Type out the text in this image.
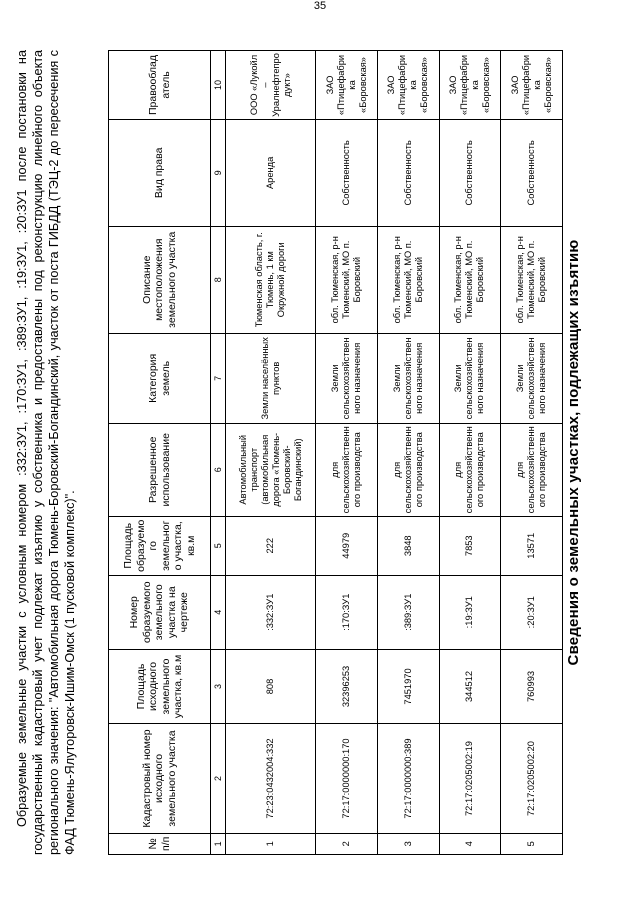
35
Сведения о земельных участках, подлежащих изъятию
№п/п	Кадастровый номер исходного земельного участка	Площадь исходного земельного участка, кв.м	Номер образуемого земельного участка на чертеже	Площадь образуемого земельного участка, кв.м	Разрешенное использование	Категория земель	Описание местоположения земельного участка	Вид права	Правообладатель
1	2	3	4	5	6	7	8	9	10
1	72:23:0432004:332	808	:332:ЗУ1	222	Автомобильный транспорт (автомобильная дорога «Тюмень-Боровский-Богандинский)	Земли населённых пунктов	Тюменская область, г. Тюмень, 1 км Окружной дороги	Аренда	ООО «Лукойл – Уралнефтепродукт»
2	72:17:0000000:170	32396253	:170:ЗУ1	44979	для сельскохозяйственного производства	Земли сельскохозяйственного назначения	обл. Тюменская, р-н Тюменский, МО п. Боровский	Собственность	ЗАО «Птицефабрика «Боровская»
3	72:17:0000000:389	7451970	:389:ЗУ1	3848	для сельскохозяйственного производства	Земли сельскохозяйственного назначения	обл. Тюменская, р-н Тюменский, МО п. Боровский	Собственность	ЗАО «Птицефабрика «Боровская»
4	72:17:0205002:19	344512	:19:ЗУ1	7853	для сельскохозяйственного производства	Земли сельскохозяйственного назначения	обл. Тюменская, р-н Тюменский, МО п. Боровский	Собственность	ЗАО «Птицефабрика «Боровская»
5	72:17:0205002:20	760993	:20:ЗУ1	13571	для сельскохозяйственного производства	Земли сельскохозяйственного назначения	обл. Тюменская, р-н Тюменский, МО п. Боровский	Собственность	ЗАО «Птицефабрика «Боровская»
Образуемые земельные участки с условным номером :332:ЗУ1, :170:ЗУ1, :389:ЗУ1, :19:ЗУ1, :20:ЗУ1 после постановки на государственный кадастровый учет подлежат изъятию у собственника и предоставлены под реконструкцию линейного объекта регионального значения: "Автомобильная дорога Тюмень-Боровский-Богандинский, участок от поста ГИБДД (ТЭЦ-2 до пересечения с ФАД Тюмень-Ялуторовск-Ишим-Омск (1 пусковой комплекс)".
